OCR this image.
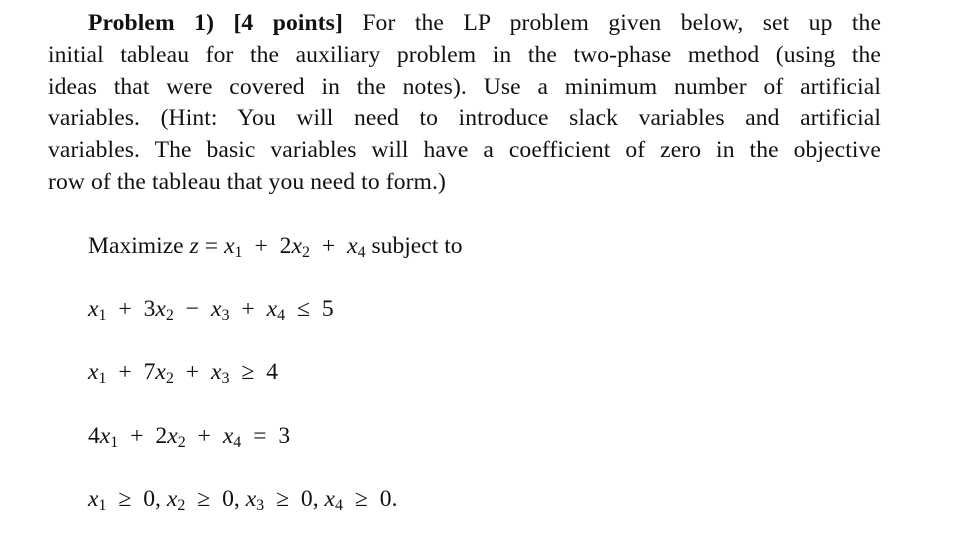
Problem 1) [4 points] For the LP problem given below, set up the
initial tableau for the auxiliary problem in the two-phase method (using the
ideas that were covered in the notes). Use a minimum number of artificial
variables. (Hint: You will need to introduce slack variables and artificial
variables. The basic variables will have a coefficient of zero in the objective
row of the tableau that you need to form.)
Maximize z = x1 + 2x2 + x4 subject to
x1 + 3x2 − x3 + x4 ≤ 5
x1 + 7x2 + x3 ≥ 4
4x1 + 2x2 + x4 = 3
x1 ≥ 0, x2 ≥ 0, x3 ≥ 0, x4 ≥ 0.
